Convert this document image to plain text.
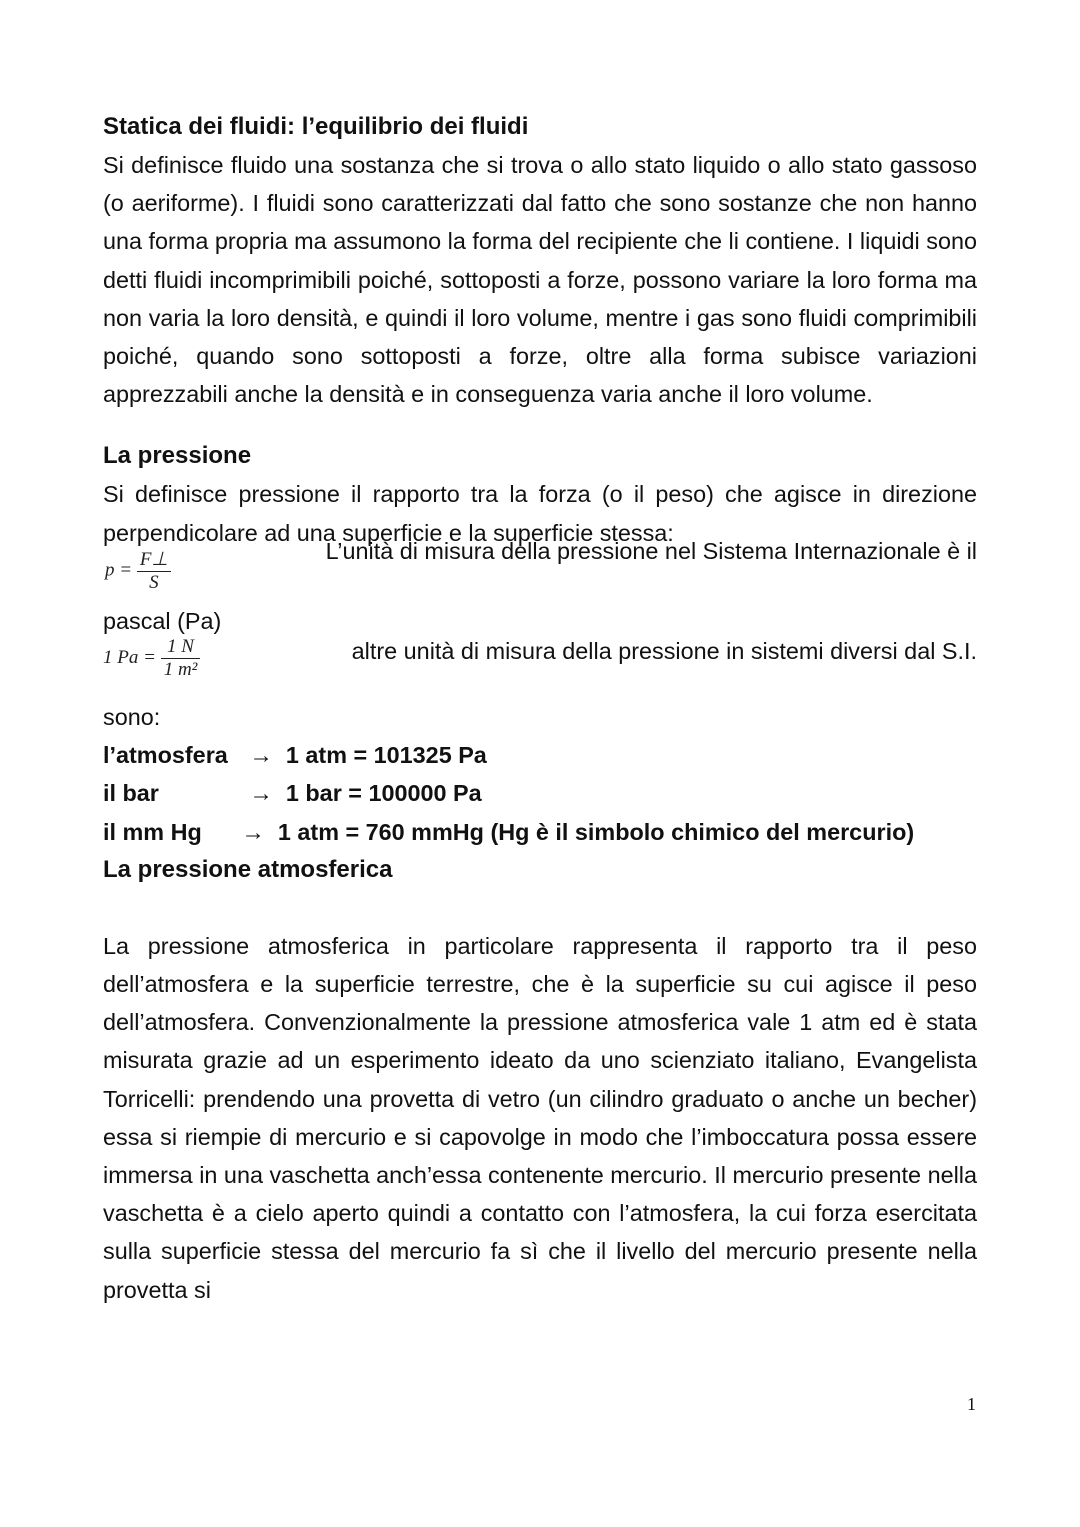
Statica dei fluidi: l’equilibrio dei fluidi
Si definisce fluido una sostanza che si trova o allo stato liquido o allo stato gassoso (o aeriforme). I fluidi sono caratterizzati dal fatto che sono sostanze che non hanno una forma propria ma assumono la forma del recipiente che li contiene. I liquidi sono detti fluidi incomprimibili poiché, sottoposti a forze, possono variare la loro forma ma non varia la loro densità, e quindi il loro volume, mentre i gas sono fluidi comprimibili poiché, quando sono sottoposti a forze, oltre alla forma subisce variazioni apprezzabili anche la densità e in conseguenza varia anche il loro volume.
La pressione
Si definisce pressione il rapporto tra la forza (o il peso) che agisce in direzione perpendicolare ad una superficie e la superficie stessa:
$p = \frac{F\perp}{S}$	L’unità di misura della pressione nel Sistema Internazionale è il
pascal (Pa)
1 $Pa = \frac{1 N}{\text{1 m²}}$	altre unità di misura della pressione in sistemi diversi dal S.I.
sono:
l’atmosfera → 1 atm = 101325 Pa
il bar	→ 1 bar = 100000 Pa
il mm Hg → 1 atm = 760 mmHg (Hg è il simbolo chimico del mercurio)
La pressione atmosferica
La pressione atmosferica in particolare rappresenta il rapporto tra il peso dell’atmosfera e la superficie terrestre, che è la superficie su cui agisce il peso dell’atmosfera. Convenzionalmente la pressione atmosferica vale 1 atm ed è stata misurata grazie ad un esperimento ideato da uno scienziato italiano, Evangelista Torricelli: prendendo una provetta di vetro (un cilindro graduato o anche un becher) essa si riempie di mercurio e si capovolge in modo che l’imboccatura possa essere immersa in una vaschetta anch’essa contenente mercurio. Il mercurio presente nella vaschetta è a cielo aperto quindi a contatto con l’atmosfera, la cui forza esercitata sulla superficie stessa del mercurio fa sì che il livello del mercurio presente nella provetta si
1
